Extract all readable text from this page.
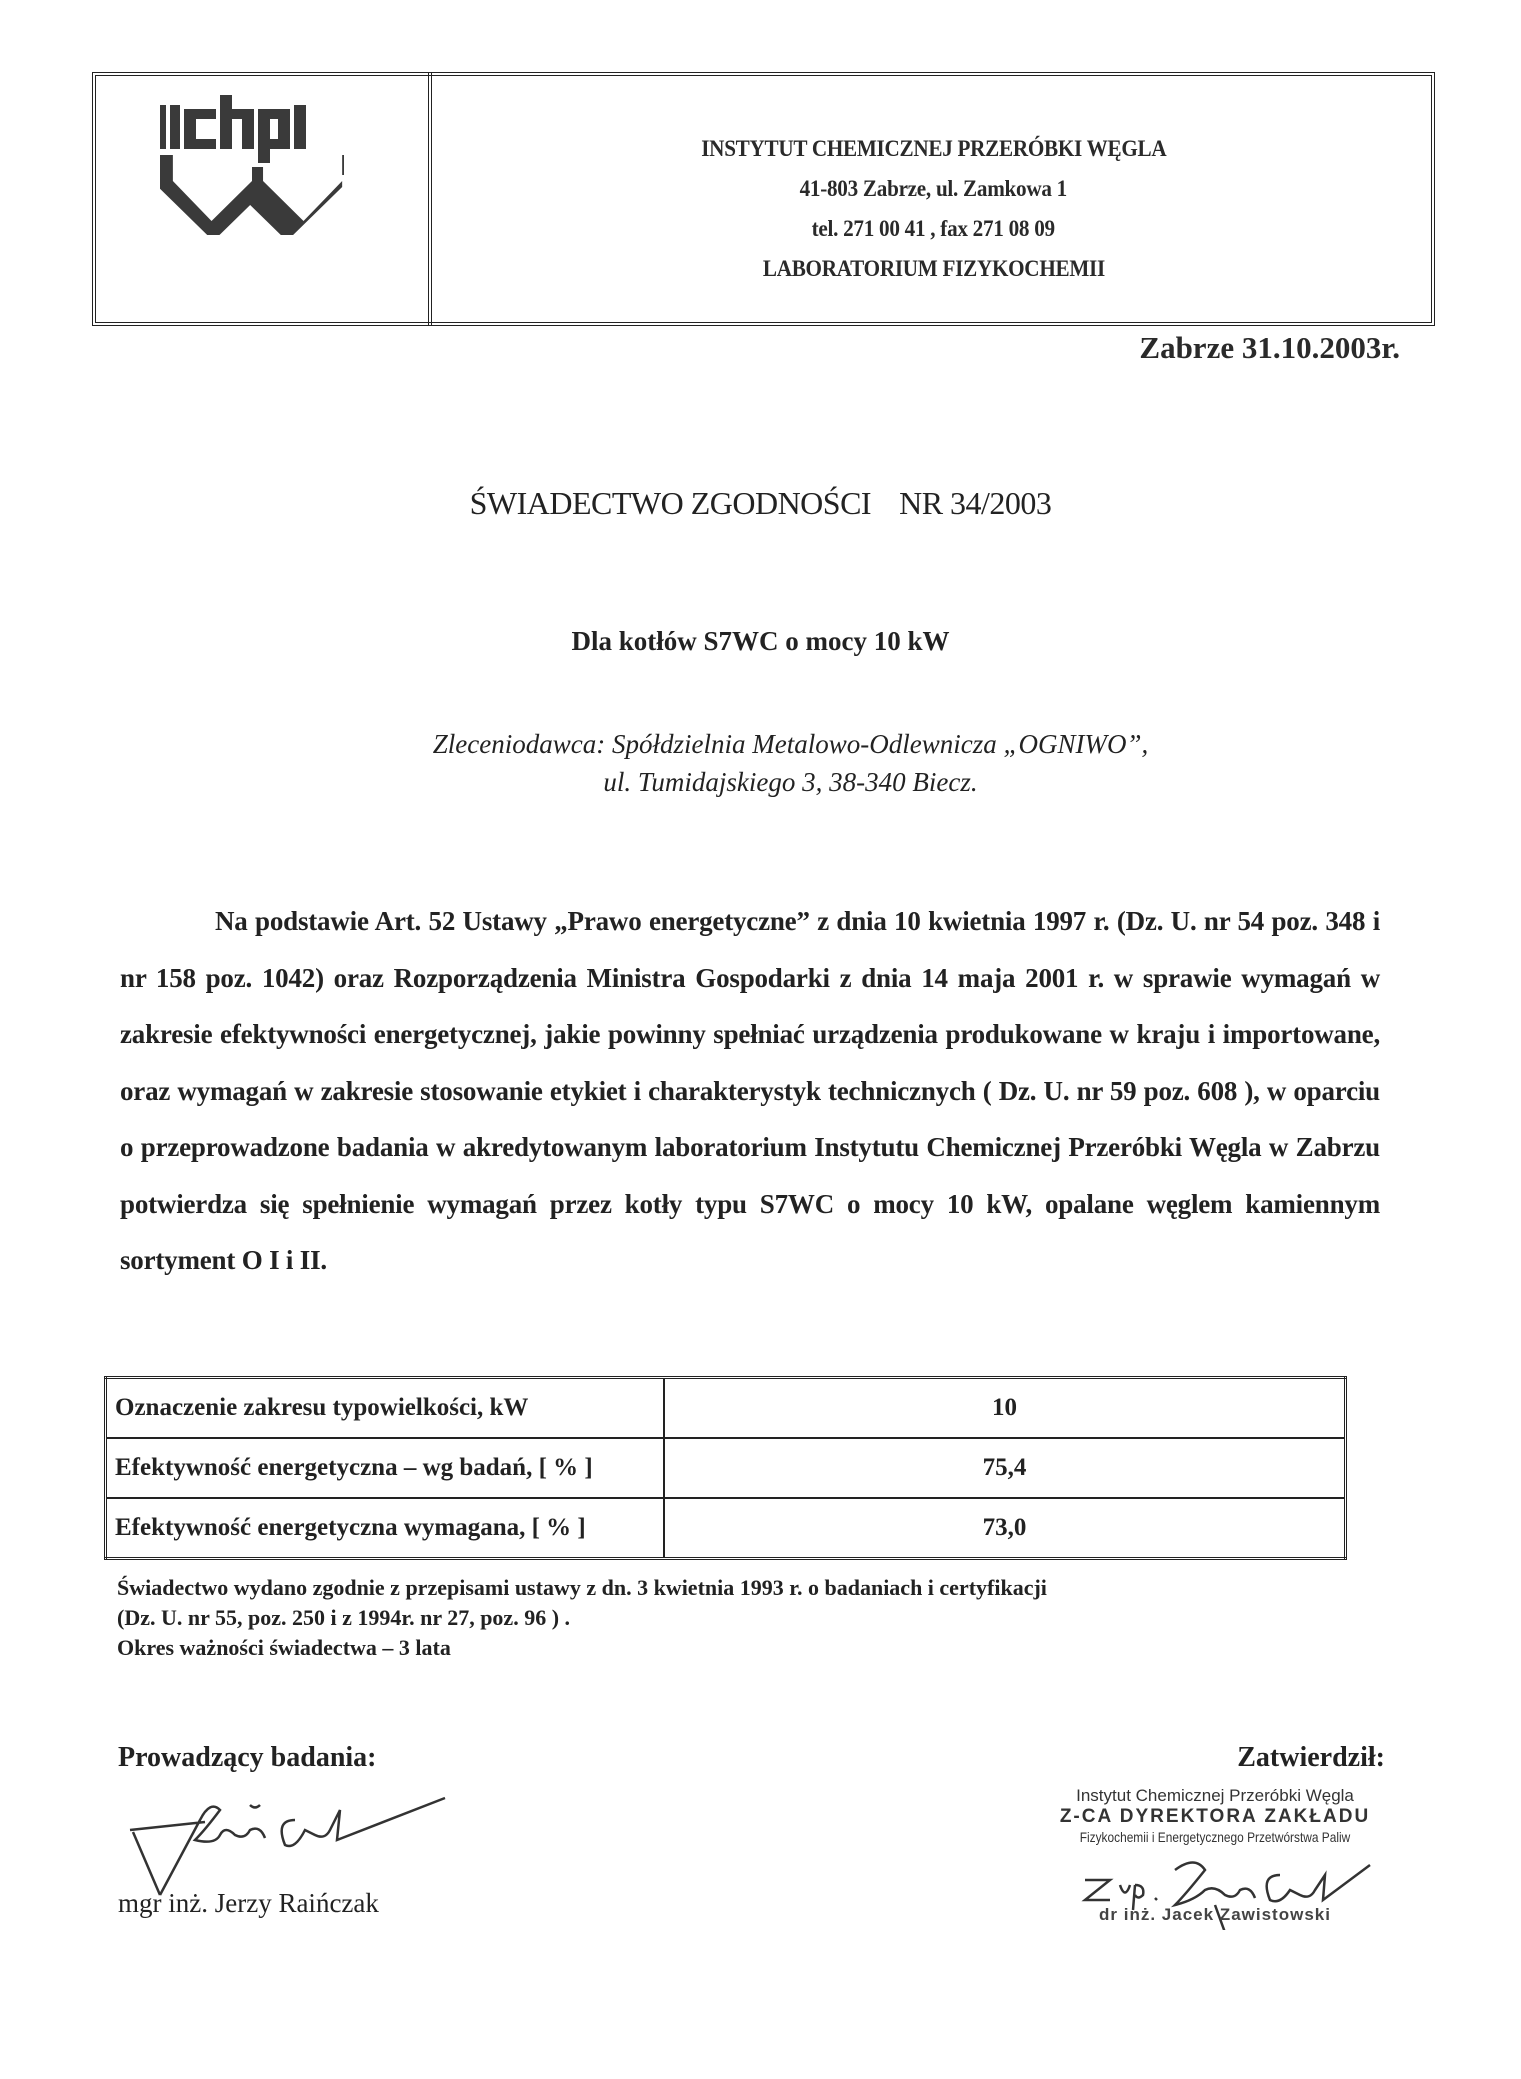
INSTYTUT CHEMICZNEJ PRZERÓBKI WĘGLA
41-803 Zabrze, ul. Zamkowa 1
tel. 271 00 41 , fax 271 08 09
LABORATORIUM FIZYKOCHEMII
Zabrze 31.10.2003r.
ŚWIADECTWO ZGODNOŚCI NR 34/2003
Dla kotłów S7WC o mocy 10 kW
Zleceniodawca: Spółdzielnia Metalowo-Odlewnicza „OGNIWO”,
ul. Tumidajskiego 3, 38-340 Biecz.

Na podstawie Art. 52 Ustawy „Prawo energetyczne” z dnia 10 kwietnia 1997 r. (Dz. U. nr 54 poz. 348 i nr 158 poz. 1042) oraz Rozporządzenia Ministra Gospodarki z dnia 14 maja 2001 r. w sprawie wymagań w zakresie efektywności energetycznej, jakie powinny spełniać urządzenia produkowane w kraju i importowane, oraz wymagań w zakresie stosowanie etykiet i charakterystyk technicznych ( Dz. U. nr 59 poz. 608 ), w oparciu o przeprowadzone badania w akredytowanym laboratorium Instytutu Chemicznej Przeróbki Węgla w Zabrzu potwierdza się spełnienie wymagań przez kotły typu S7WC o mocy 10 kW, opalane węglem kamiennym sortyment O I i II.

Oznaczenie zakresu typowielkości, kW	10
Efektywność energetyczna – wg badań, [ % ]	75,4
Efektywność energetyczna wymagana, [ % ]	73,0
Świadectwo wydano zgodnie z przepisami ustawy z dn. 3 kwietnia 1993 r. o badaniach i certyfikacji
(Dz. U. nr 55, poz. 250 i z 1994r. nr 27, poz. 96 ) .
Okres ważności świadectwa – 3 lata
Prowadzący badania:
mgr inż. Jerzy Raińczak
Zatwierdził:
Instytut Chemicznej Przeróbki Węgla
Z-CA DYREKTORA ZAKŁADU
Fizykochemii i Energetycznego Przetwórstwa Paliw
dr inż. Jacek Zawistowski
